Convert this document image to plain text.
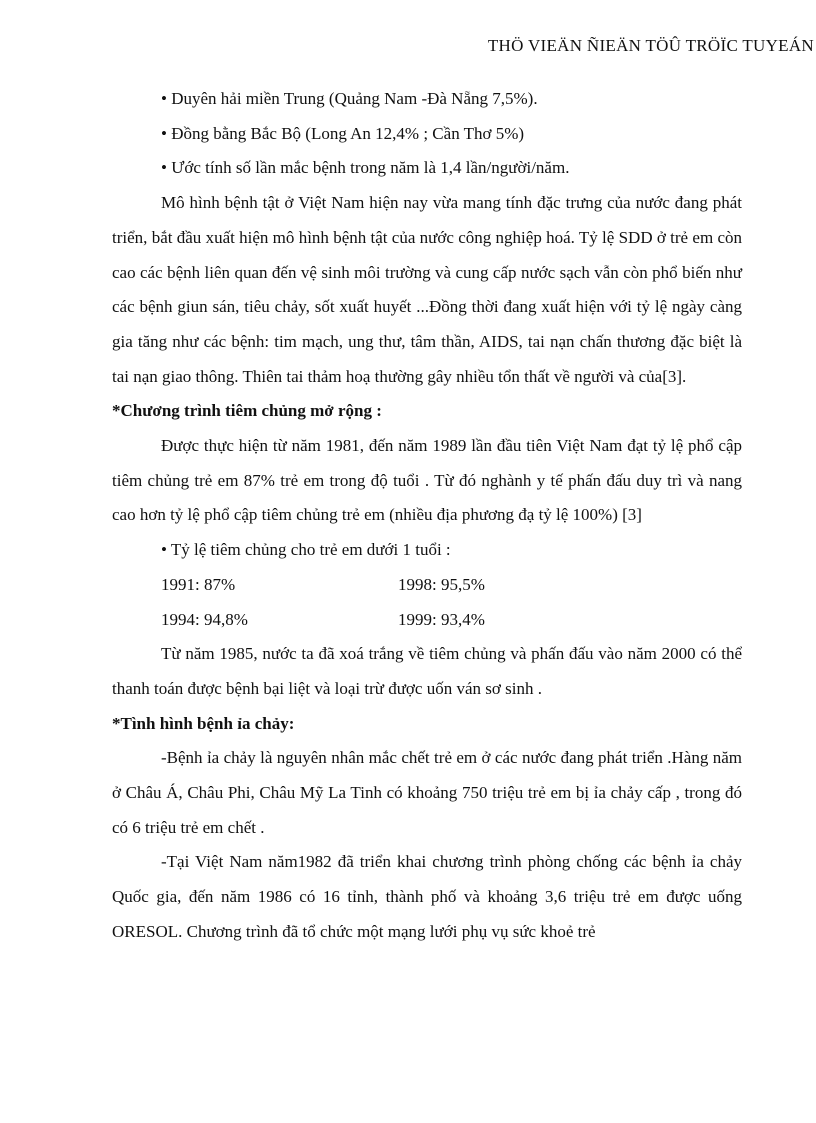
THÖ VIEÄN ÑIEÄN TÖÛ TRÖÏC TUYEÁN

• Duyên hải miền Trung (Quảng Nam -Đà Nẵng 7,5%).

• Đồng bằng Bắc Bộ (Long An 12,4% ; Cần Thơ 5%)

• Ước tính số lần mắc bệnh trong năm là 1,4 lần/người/năm.

Mô hình bệnh tật ở Việt Nam hiện nay vừa mang tính đặc trưng của nước đang phát triển, bắt đầu xuất hiện mô hình bệnh tật của nước công nghiệp hoá. Tỷ lệ SDD ở trẻ em còn cao các bệnh liên quan đến vệ sinh môi trường và cung cấp nước sạch vẫn còn phổ biến như các bệnh giun sán, tiêu chảy, sốt xuất huyết ...Đồng thời đang xuất hiện với tỷ lệ ngày càng gia tăng như các bệnh: tim mạch, ung thư, tâm thần, AIDS, tai nạn chấn thương đặc biệt là tai nạn giao thông. Thiên tai thảm hoạ thường gây nhiều tổn thất về người và của[3].

*Chương trình tiêm chủng mở rộng :

Được thực hiện từ năm 1981, đến năm 1989 lần đầu tiên Việt Nam đạt tỷ lệ phổ cập tiêm chủng trẻ em 87% trẻ em trong độ tuổi . Từ đó nghành y tế phấn đấu duy trì và nang cao hơn tỷ lệ phổ cập tiêm chủng trẻ em (nhiều địa phương đạ tỷ lệ 100%) [3]

• Tỷ lệ tiêm chủng cho trẻ em dưới 1 tuổi :

1991: 87%	1998: 95,5%
1994: 94,8%	1999: 93,4%

Từ năm 1985, nước ta đã xoá trắng về tiêm chủng và phấn đấu vào năm 2000 có thể thanh toán được bệnh bại liệt và loại trừ được uốn ván sơ sinh .

*Tình hình bệnh ỉa chảy:

-Bệnh ỉa chảy là nguyên nhân mắc chết trẻ em ở các nước đang phát triển .Hàng năm ở Châu Á, Châu Phi, Châu Mỹ La Tinh có khoảng 750 triệu trẻ em bị ỉa chảy cấp , trong đó có 6 triệu trẻ em chết .

-Tại Việt Nam năm1982 đã triển khai chương trình phòng chống các bệnh ỉa chảy Quốc gia, đến năm 1986 có 16 tỉnh, thành phố và khoảng 3,6 triệu trẻ em được uống ORESOL. Chương trình đã tổ chức một mạng lưới phụ vụ sức khoẻ trẻ
